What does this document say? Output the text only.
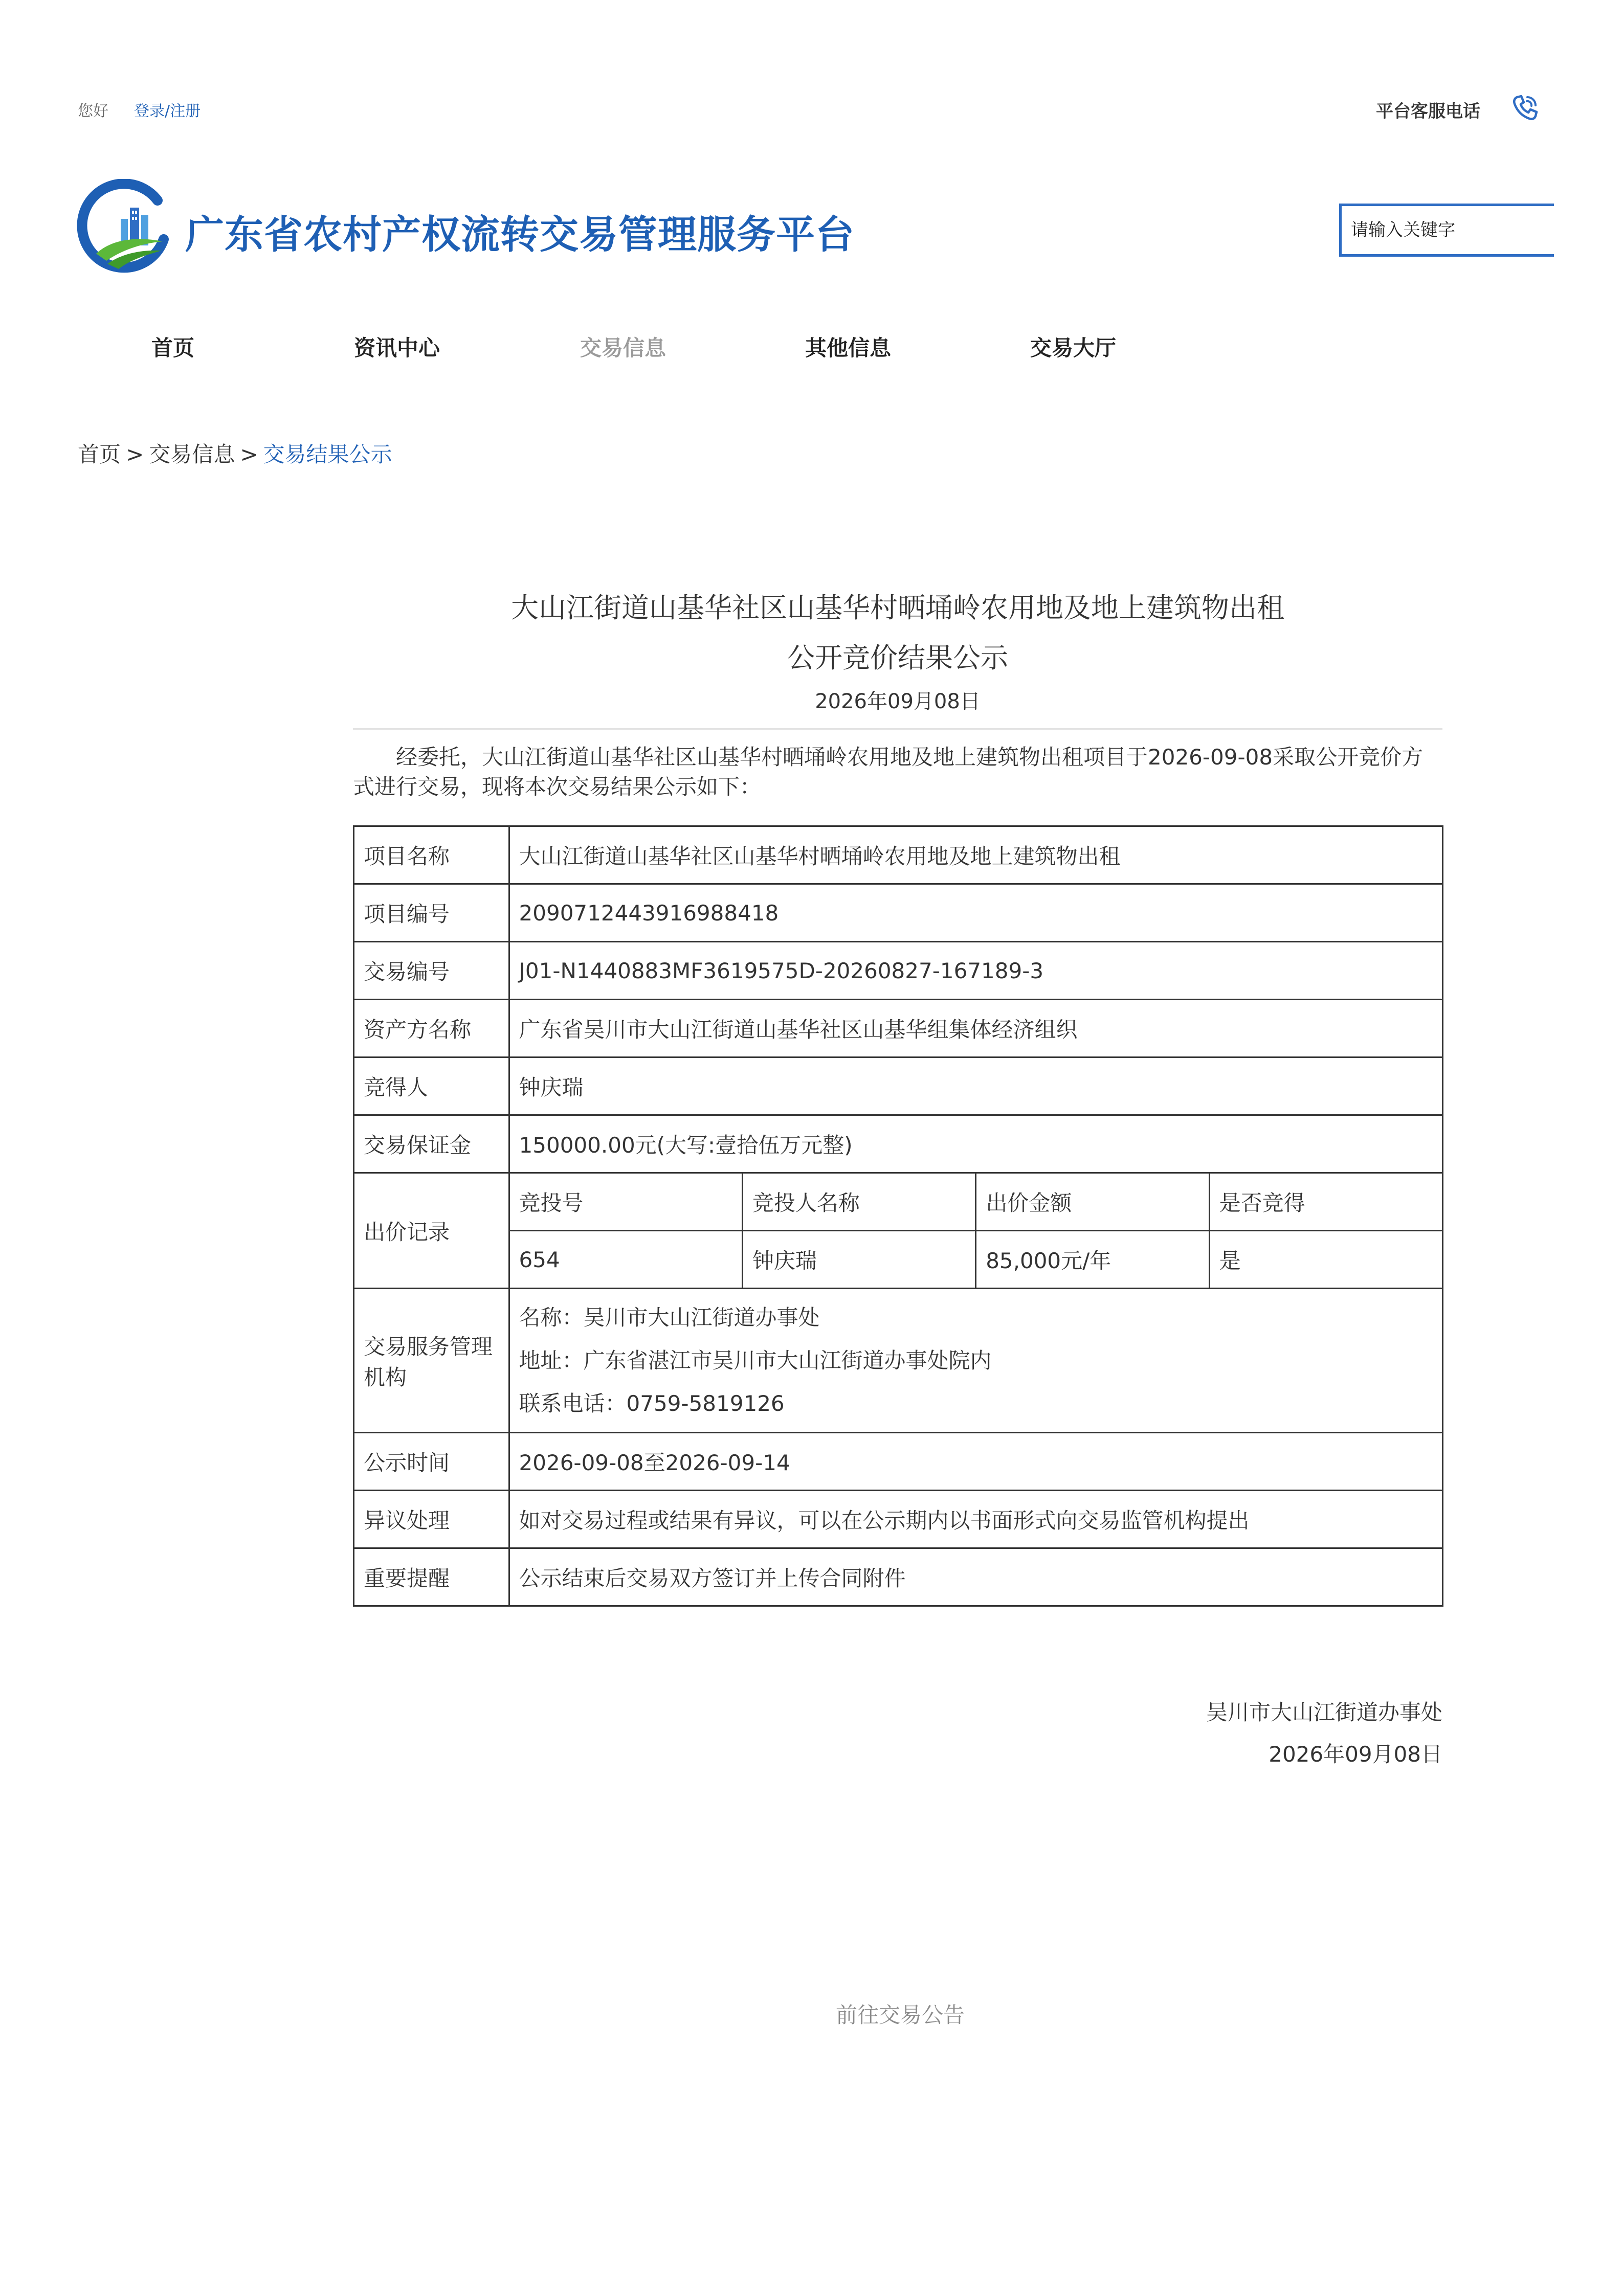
您好 登录/注册	平台客服电话
广东省农村产权流转交易管理服务平台
请输入关键字
首页	资讯中心	交易信息	其他信息	交易大厅
首页 > 交易信息 > 交易结果公示
大山江街道山基华社区山基华村晒埇岭农用地及地上建筑物出租
公开竞价结果公示
2026年09月08日
经委托，大山江街道山基华社区山基华村晒埇岭农用地及地上建筑物出租项目于2026-09-08采取公开竞价方式进行交易，现将本次交易结果公示如下：
项目名称	大山江街道山基华社区山基华村晒埇岭农用地及地上建筑物出租			
项目编号	2090712443916988418			
交易编号	J01-N1440883MF3619575D-20260827-167189-3			
资产方名称	广东省吴川市大山江街道山基华社区山基华组集体经济组织			
竞得人	钟庆瑞			
交易保证金	150000.00元(大写:壹拾伍万元整)			
出价记录	竞投号	竞投人名称	出价金额	是否竞得
	654	钟庆瑞	85,000元/年	是
交易服务管理机构	名称：吴川市大山江街道办事处
地址：广东省湛江市吴川市大山江街道办事处院内
联系电话：0759-5819126			

公示时间	2026-09-08至2026-09-14			
异议处理	如对交易过程或结果有异议，可以在公示期内以书面形式向交易监管机构提出			
重要提醒	公示结束后交易双方签订并上传合同附件			
吴川市大山江街道办事处
2026年09月08日
前往交易公告
